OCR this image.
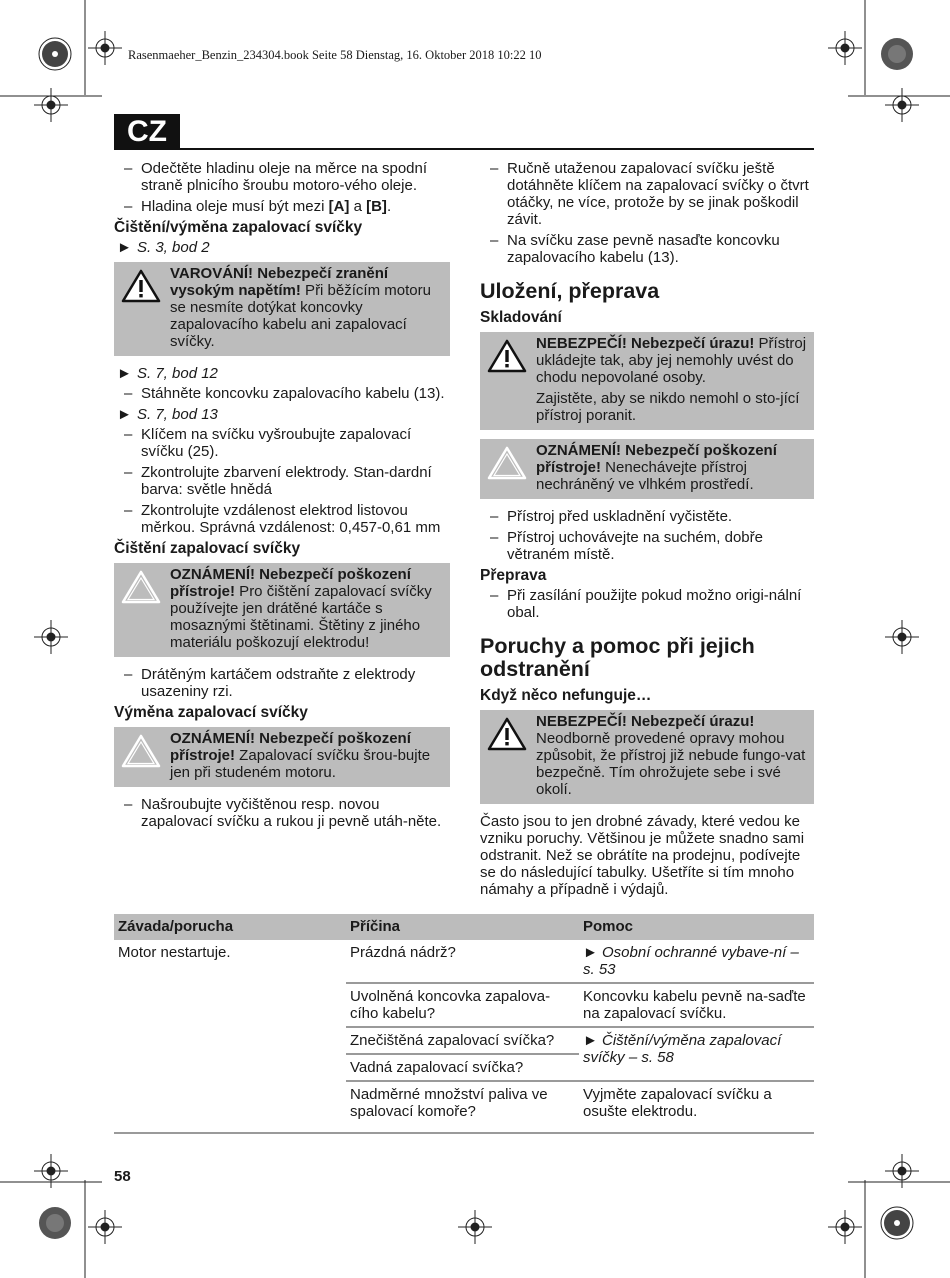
Rasenmaeher_Benzin_234304.book Seite 58 Dienstag, 16. Oktober 2018 10:22 10
CZ
– Odečtěte hladinu oleje na měrce na spodní straně plnicího šroubu motoro-vého oleje.
– Hladina oleje musí být mezi [A] a [B].
Čištění/výměna zapalovací svíčky
► S. 3, bod 2

VAROVÁNÍ! Nebezpečí zranění vysokým napětím! Při běžícím motoru se nesmíte dotýkat koncovky zapalovacího kabelu ani zapalovací svíčky.

► S. 7, bod 12
– Stáhněte koncovku zapalovacího kabelu (13).
► S. 7, bod 13
– Klíčem na svíčku vyšroubujte zapalovací svíčku (25).
– Zkontrolujte zbarvení elektrody. Stan-dardní barva: světle hnědá
– Zkontrolujte vzdálenost elektrod listovou měrkou. Správná vzdálenost: 0,457-0,61 mm
Čištění zapalovací svíčky

OZNÁMENÍ! Nebezpečí poškození přístroje! Pro čištění zapalovací svíčky používejte jen drátěné kartáče s mosaznými štětinami. Štětiny z jiného materiálu poškozují elektrodu!

– Drátěným kartáčem odstraňte z elektrody usazeniny rzi.
Výměna zapalovací svíčky

OZNÁMENÍ! Nebezpečí poškození přístroje! Zapalovací svíčku šrou-bujte jen při studeném motoru.

– Našroubujte vyčištěnou resp. novou zapalovací svíčku a rukou ji pevně utáh-něte.
– Ručně utaženou zapalovací svíčku ještě dotáhněte klíčem na zapalovací svíčky o čtvrt otáčky, ne více, protože by se jinak poškodil závit.
– Na svíčku zase pevně nasaďte koncovku zapalovacího kabelu (13).
Uložení, přeprava
Skladování

NEBEZPEČÍ! Nebezpečí úrazu! Přístroj ukládejte tak, aby jej nemohly uvést do chodu nepovolané osoby.

Zajistěte, aby se nikdo nemohl o sto-jící přístroj poranit.

OZNÁMENÍ! Nebezpečí poškození přístroje! Nenechávejte přístroj nechráněný ve vlhkém prostředí.

– Přístroj před uskladnění vyčistěte.
– Přístroj uchovávejte na suchém, dobře větraném místě.
Přeprava
– Při zasílání použijte pokud možno origi-nální obal.
Poruchy a pomoc při jejich odstranění
Když něco nefunguje…

NEBEZPEČÍ! Nebezpečí úrazu! Neodborně provedené opravy mohou způsobit, že přístroj již nebude fungo-vat bezpečně. Tím ohrožujete sebe i své okolí.

Často jsou to jen drobné závady, které vedou ke vzniku poruchy. Většinou je můžete snadno sami odstranit. Než se obrátíte na prodejnu, podívejte se do následující tabulky. Ušetříte si tím mnoho námahy a případně i výdajů.
Závada/porucha	Příčina	Pomoc
Motor nestartuje.	Prázdná nádrž?	► Osobní ochranné vybave-ní – s. 53
	Uvolněná koncovka zapalova-cího kabelu?	Koncovku kabelu pevně na-saďte na zapalovací svíčku.
	Znečištěná zapalovací svíčka?	► Čištění/výměna zapalovací svíčky – s. 58
	Vadná zapalovací svíčka?	
	Nadměrné množství paliva ve spalovací komoře?	Vyjměte zapalovací svíčku a osušte elektrodu.
58
